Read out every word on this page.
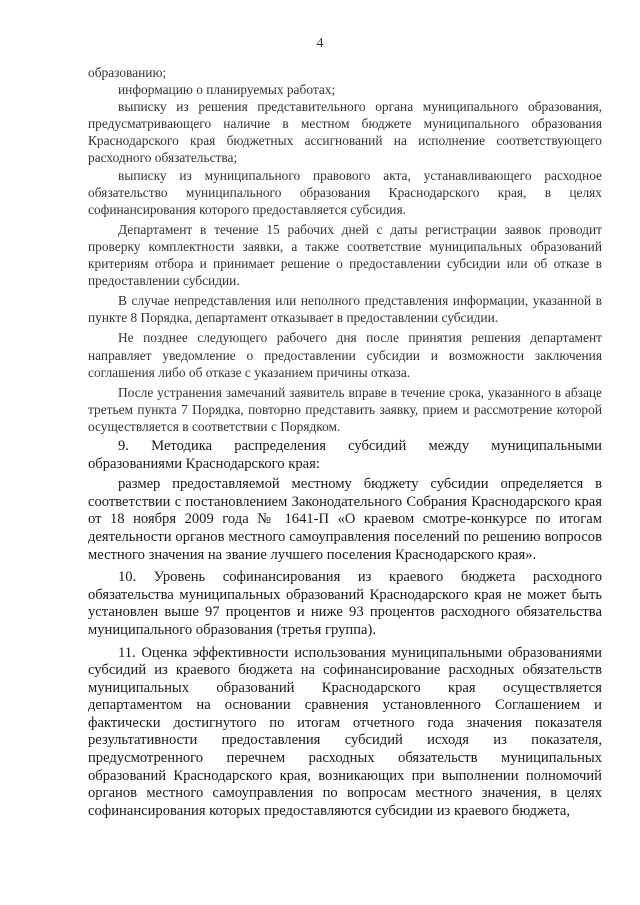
4

образованию;

информацию о планируемых работах;

выписку из решения представительного органа муниципального образования, предусматривающего наличие в местном бюджете муниципального образования Краснодарского края бюджетных ассигнований на исполнение соответствующего расходного обязательства;

выписку из муниципального правового акта, устанавливающего расходное обязательство муниципального образования Краснодарского края, в целях софинансирования которого предоставляется субсидия.

Департамент в течение 15 рабочих дней с даты регистрации заявок проводит проверку комплектности заявки, а также соответствие муниципальных образований критериям отбора и принимает решение о предоставлении субсидии или об отказе в предоставлении субсидии.

В случае непредставления или неполного представления информации, указанной в пункте 8 Порядка, департамент отказывает в предоставлении субсидии.

Не позднее следующего рабочего дня после принятия решения департамент направляет уведомление о предоставлении субсидии и возможности заключения соглашения либо об отказе с указанием причины отказа.

После устранения замечаний заявитель вправе в течение срока, указанного в абзаце третьем пункта 7 Порядка, повторно представить заявку, прием и рассмотрение которой осуществляется в соответствии с Порядком.

9. Методика распределения субсидий между муниципальными образованиями Краснодарского края:

размер предоставляемой местному бюджету субсидии определяется в соответствии с постановлением Законодательного Собрания Краснодарского края от 18 ноября 2009 года № 1641-П «О краевом смотре-конкурсе по итогам деятельности органов местного самоуправления поселений по решению вопросов местного значения на звание лучшего поселения Краснодарского края».

10. Уровень софинансирования из краевого бюджета расходного обязательства муниципальных образований Краснодарского края не может быть установлен выше 97 процентов и ниже 93 процентов расходного обязательства муниципального образования (третья группа).

11. Оценка эффективности использования муниципальными образованиями субсидий из краевого бюджета на софинансирование расходных обязательств муниципальных образований Краснодарского края осуществляется департаментом на основании сравнения установленного Соглашением и фактически достигнутого по итогам отчетного года значения показателя результативности предоставления субсидий исходя из показателя, предусмотренного перечнем расходных обязательств муниципальных образований Краснодарского края, возникающих при выполнении полномочий органов местного самоуправления по вопросам местного значения, в целях софинансирования которых предоставляются субсидии из краевого бюджета,
